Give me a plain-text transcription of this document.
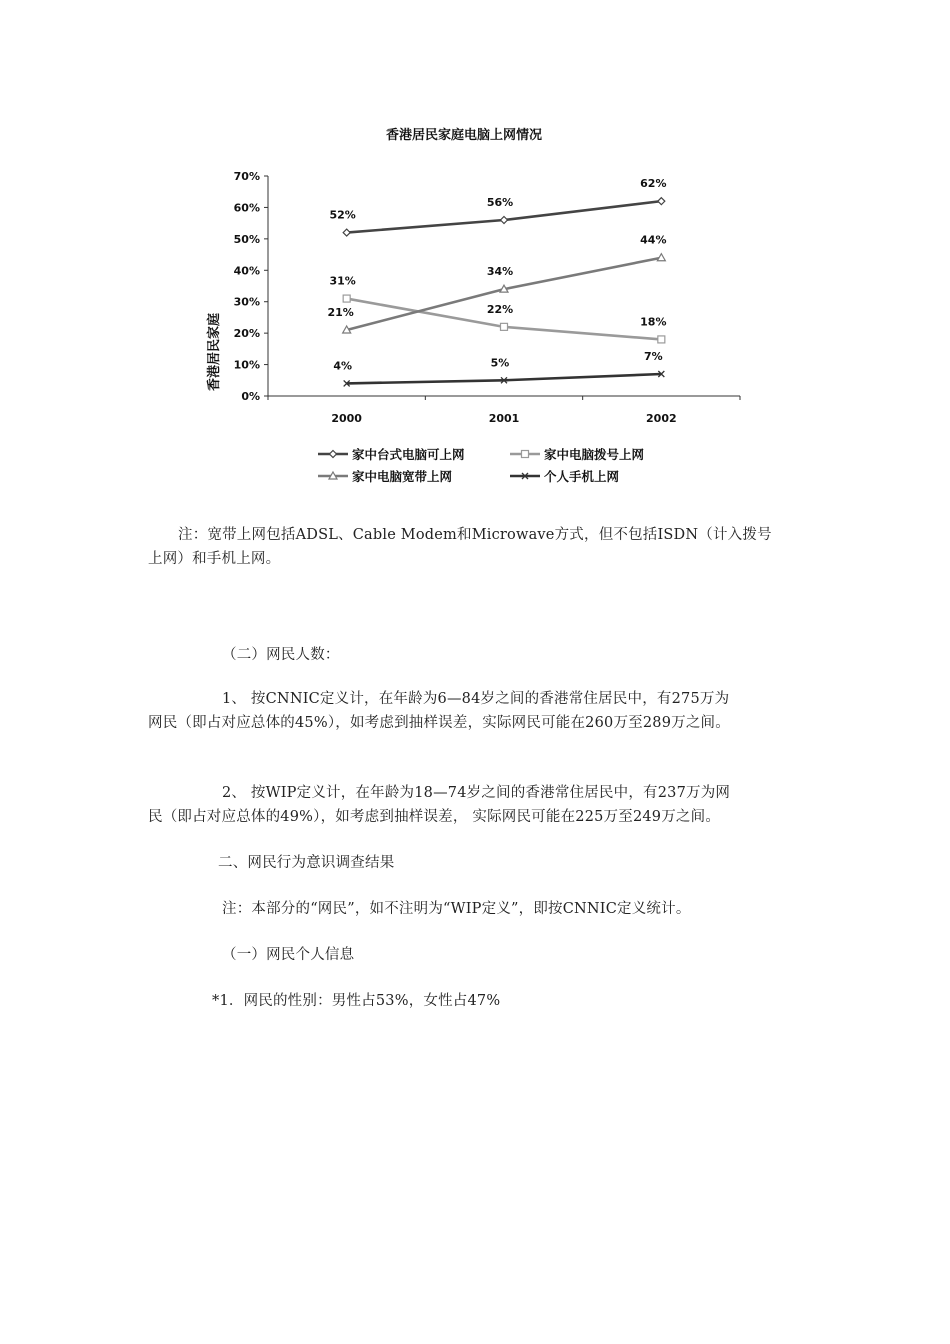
香港居民家庭电脑上网情况
香港居民家庭
0%
10%
20%
30%
40%
50%
60%
70%
2000	2001	2002
52%
56%
62%
31%
22%
18%
21%
34%
44%
4%	5%	7%
家中台式电脑可上网	家中电脑拨号上网
家中电脑宽带上网	个人手机上网

注：宽带上网包括ADSL、Cable Modem和Microwave方式，但不包括ISDN（计入拨号

上网）和手机上网。

（二）网民人数：

1、 按CNNIC定义计，在年龄为6—84岁之间的香港常住居民中，有275万为

网民（即占对应总体的45%），如考虑到抽样误差，实际网民可能在260万至289万之间。

2、 按WIP定义计，在年龄为18—74岁之间的香港常住居民中，有237万为网

民（即占对应总体的49%），如考虑到抽样误差， 实际网民可能在225万至249万之间。

二、网民行为意识调查结果

注：本部分的“网民”，如不注明为“WIP定义”，即按CNNIC定义统计。

（一）网民个人信息

*1．网民的性别：男性占53%，女性占47%
